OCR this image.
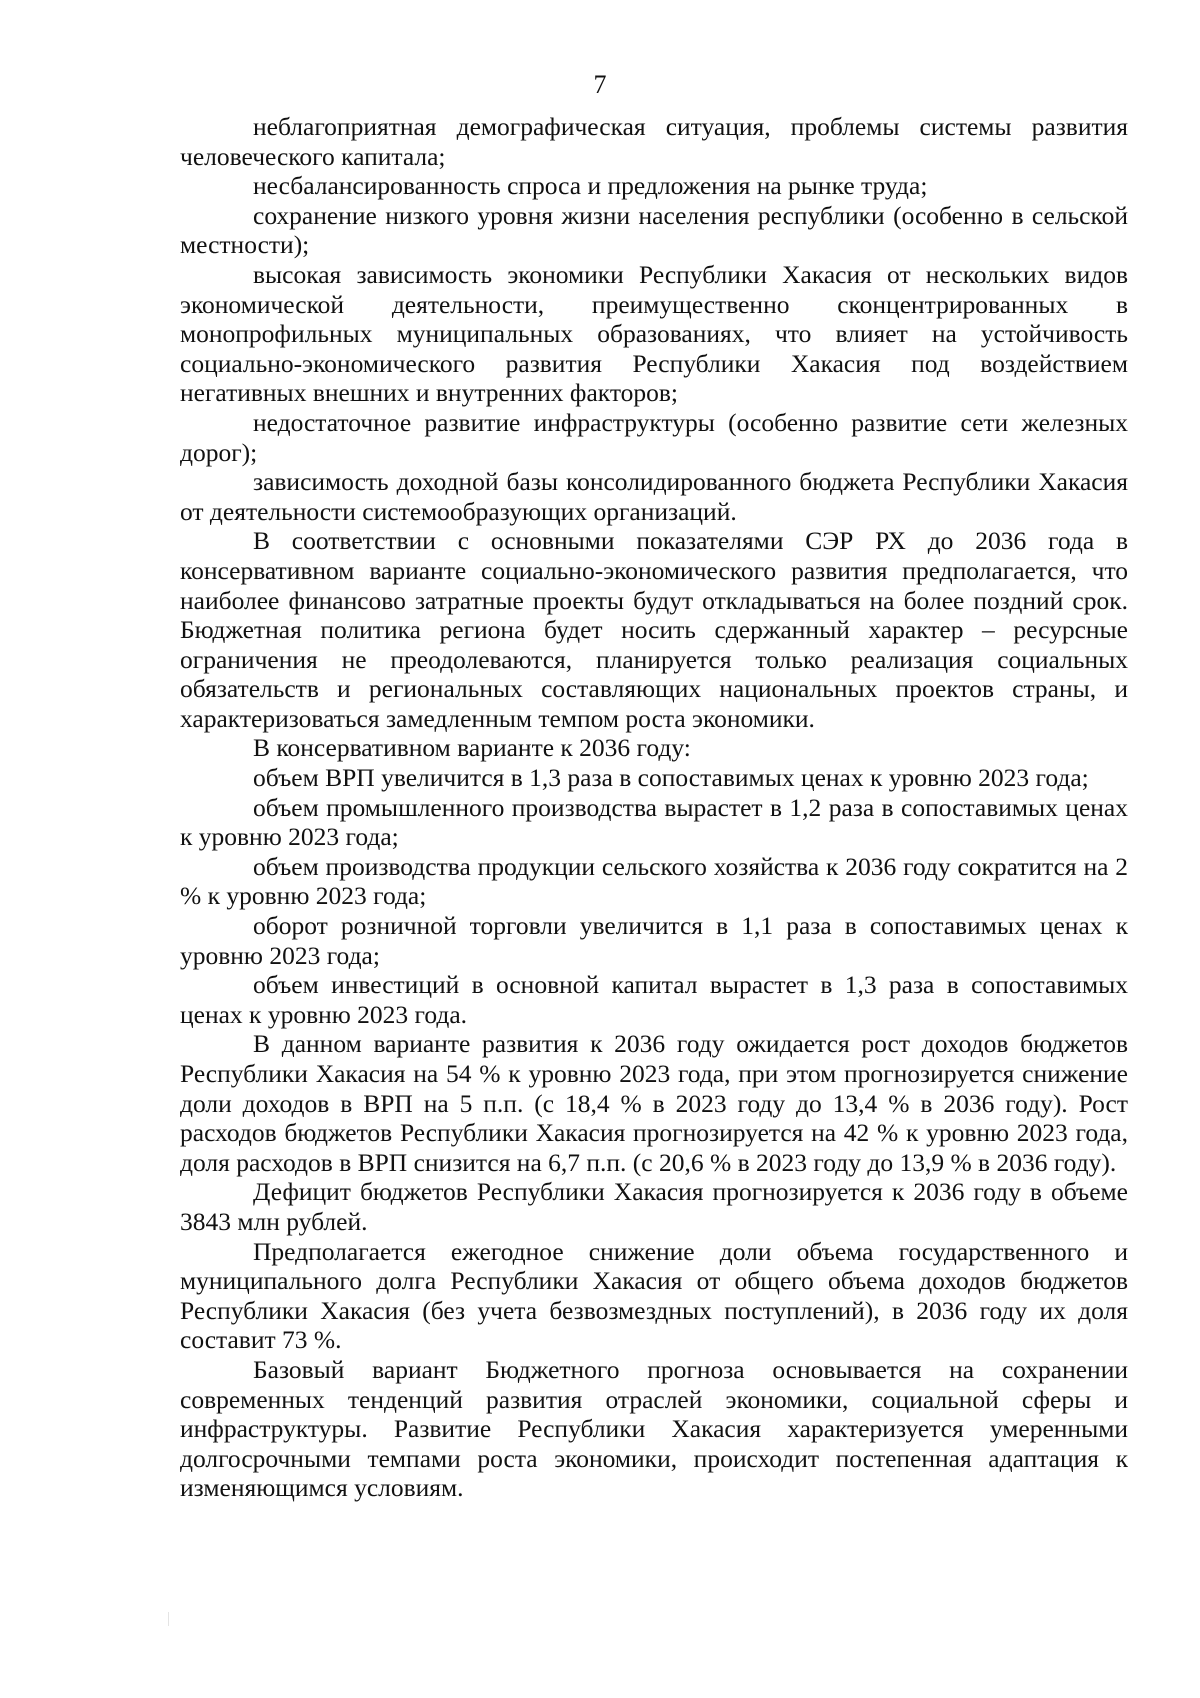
7

неблагоприятная демографическая ситуация, проблемы системы развития человеческого капитала;

несбалансированность спроса и предложения на рынке труда;

сохранение низкого уровня жизни населения республики (особенно в сельской местности);

высокая зависимость экономики Республики Хакасия от нескольких видов экономической деятельности, преимущественно сконцентрированных в монопрофильных муниципальных образованиях, что влияет на устойчивость социально-экономического развития Республики Хакасия под воздействием негативных внешних и внутренних факторов;

недостаточное развитие инфраструктуры (особенно развитие сети железных дорог);

зависимость доходной базы консолидированного бюджета Республики Хакасия от деятельности системообразующих организаций.

В соответствии с основными показателями СЭР РХ до 2036 года в консервативном варианте социально-экономического развития предполагается, что наиболее финансово затратные проекты будут откладываться на более поздний срок. Бюджетная политика региона будет носить сдержанный характер – ресурсные ограничения не преодолеваются, планируется только реализация социальных обязательств и региональных составляющих национальных проектов страны, и характеризоваться замедленным темпом роста экономики.

В консервативном варианте к 2036 году:

объем ВРП увеличится в 1,3 раза в сопоставимых ценах к уровню 2023 года;

объем промышленного производства вырастет в 1,2 раза в сопоставимых ценах к уровню 2023 года;

объем производства продукции сельского хозяйства к 2036 году сократится на 2 % к уровню 2023 года;

оборот розничной торговли увеличится в 1,1 раза в сопоставимых ценах к уровню 2023 года;

объем инвестиций в основной капитал вырастет в 1,3 раза в сопоставимых ценах к уровню 2023 года.

В данном варианте развития к 2036 году ожидается рост доходов бюджетов Республики Хакасия на 54 % к уровню 2023 года, при этом прогнозируется снижение доли доходов в ВРП на 5 п.п. (с 18,4 % в 2023 году до 13,4 % в 2036 году). Рост расходов бюджетов Республики Хакасия прогнозируется на 42 % к уровню 2023 года, доля расходов в ВРП снизится на 6,7 п.п. (с 20,6 % в 2023 году до 13,9 % в 2036 году).

Дефицит бюджетов Республики Хакасия прогнозируется к 2036 году в объеме 3843 млн рублей.

Предполагается ежегодное снижение доли объема государственного и муниципального долга Республики Хакасия от общего объема доходов бюджетов Республики Хакасия (без учета безвозмездных поступлений), в 2036 году их доля составит 73 %.

Базовый вариант Бюджетного прогноза основывается на сохранении современных тенденций развития отраслей экономики, социальной сферы и инфраструктуры. Развитие Республики Хакасия характеризуется умеренными долгосрочными темпами роста экономики, происходит постепенная адаптация к изменяющимся условиям.
